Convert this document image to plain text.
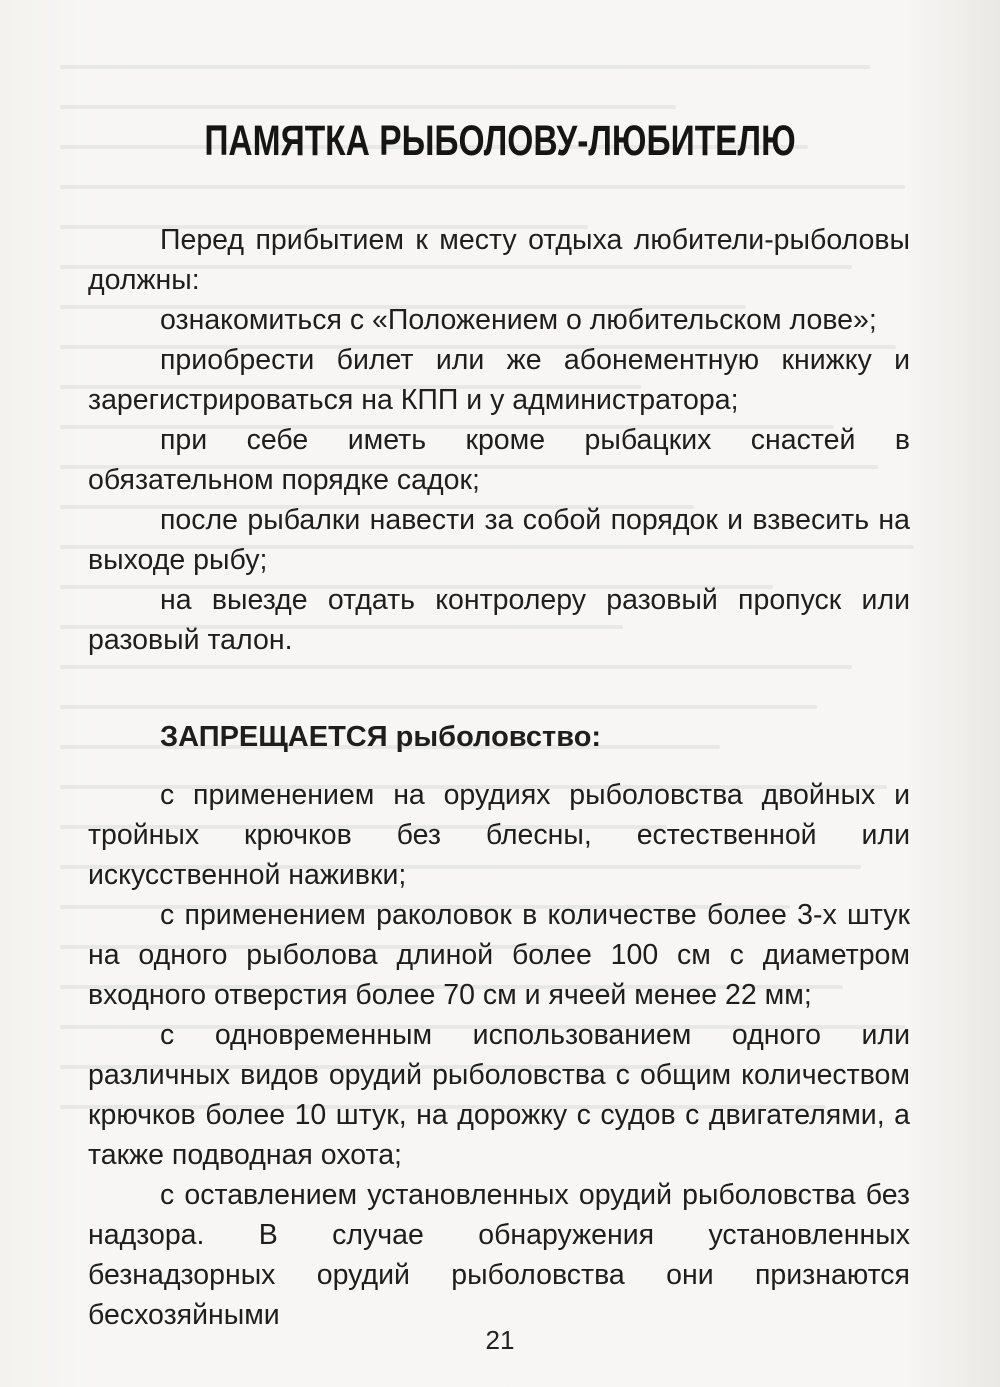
ПАМЯТКА РЫБОЛОВУ-ЛЮБИТЕЛЮ

Перед прибытием к месту отдыха любители-рыболовы должны:

ознакомиться с «Положением о любительском лове»;

приобрести билет или же абонементную книжку и зарегистрироваться на КПП и у администратора;

при себе иметь кроме рыбацких снастей в обязательном порядке садок;

после рыбалки навести за собой порядок и взвесить на выходе рыбу;

на выезде отдать контролеру разовый пропуск или разовый талон.

ЗАПРЕЩАЕТСЯ рыболовство:

с применением на орудиях рыболовства двойных и тройных крючков без блесны, естественной или искусственной наживки;

с применением раколовок в количестве более 3-х штук на одного рыболова длиной более 100 см с диаметром входного отверстия более 70 см и ячеей менее 22 мм;

с одновременным использованием одного или различных видов орудий рыболовства с общим количеством крючков более 10 штук, на дорожку с судов с двигателями, а также подводная охота;

с оставлением установленных орудий рыболовства без надзора. В случае обнаружения установленных безнадзорных орудий рыболовства они признаются бесхозяйными

21
